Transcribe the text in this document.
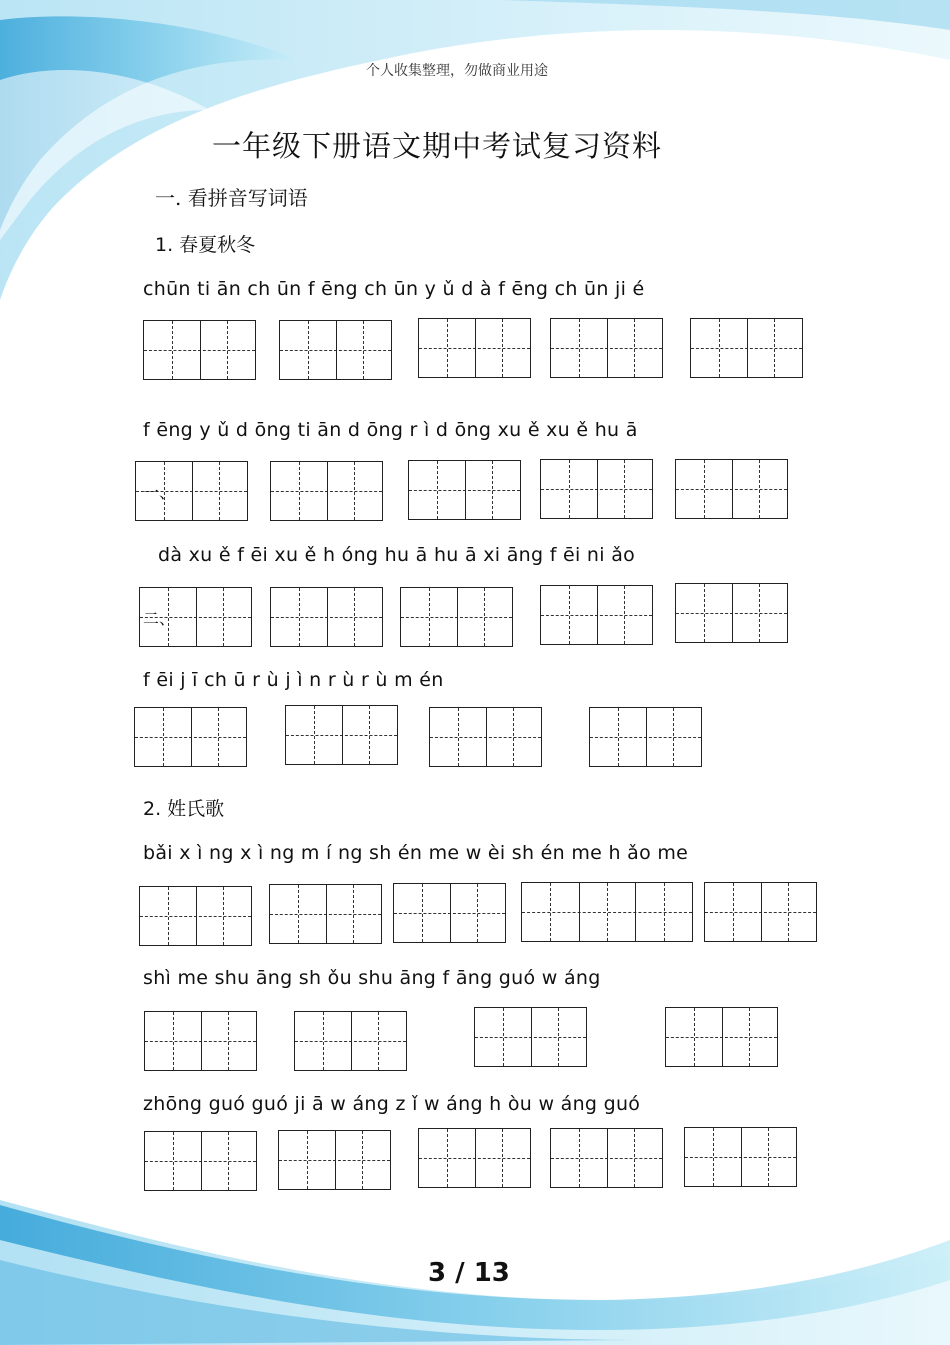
个人收集整理，勿做商业用途
一年级下册语文期中考试复习资料
一. 看拼音写词语
1. 春夏秋冬
chūn ti ān ch ūn f ēng ch ūn y ǔ d à f ēng ch ūn ji é
f ēng y ǔ d ōng ti ān d ōng r ì d ōng xu ě xu ě hu ā
一、
dà xu ě f ēi xu ě h óng hu ā hu ā xi āng f ēi ni ǎo
二、
f ēi j ī ch ū r ù j ì n r ù r ù m én
2. 姓氏歌
bǎi x ì ng x ì ng m í ng sh én me w èi sh én me h ǎo me
shì me shu āng sh ǒu shu āng f āng guó w áng
zhōng guó guó ji ā w áng z ǐ w áng h òu w áng guó
3 / 13
